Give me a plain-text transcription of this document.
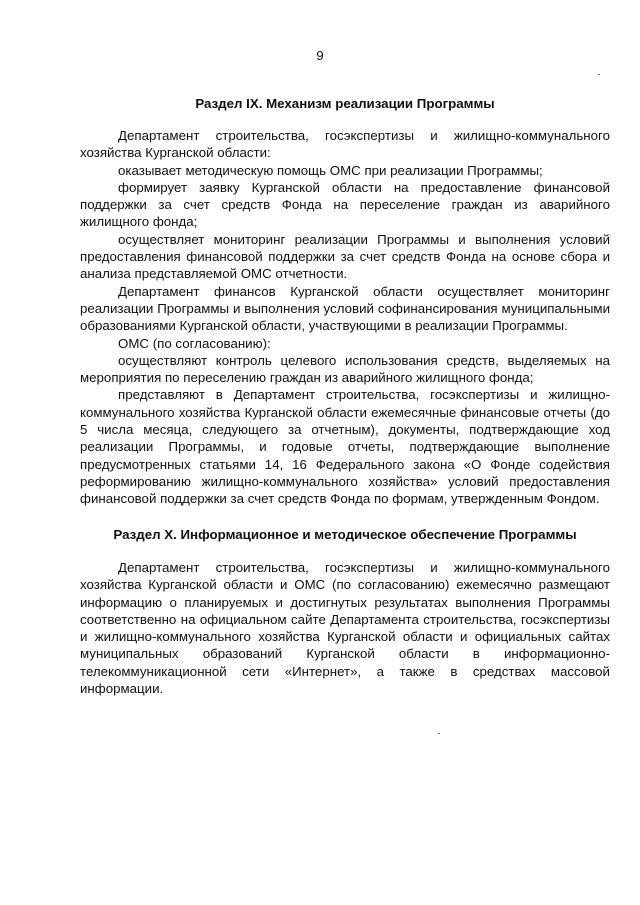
9
Раздел IX. Механизм реализации Программы

Департамент строительства, госэкспертизы и жилищно-коммунального хозяйства Курганской области:

оказывает методическую помощь ОМС при реализации Программы;

формирует заявку Курганской области на предоставление финансовой поддержки за счет средств Фонда на переселение граждан из аварийного жилищного фонда;

осуществляет мониторинг реализации Программы и выполнения условий предоставления финансовой поддержки за счет средств Фонда на основе сбора и анализа представляемой ОМС отчетности.

Департамент финансов Курганской области осуществляет мониторинг реализации Программы и выполнения условий софинансирования муниципальными образованиями Курганской области, участвующими в реализации Программы.

ОМС (по согласованию):

осуществляют контроль целевого использования средств, выделяемых на мероприятия по переселению граждан из аварийного жилищного фонда;

представляют в Департамент строительства, госэкспертизы и жилищно-коммунального хозяйства Курганской области ежемесячные финансовые отчеты (до 5 числа месяца, следующего за отчетным), документы, подтверждающие ход реализации Программы, и годовые отчеты, подтверждающие выполнение предусмотренных статьями 14, 16 Федерального закона «О Фонде содействия реформированию жилищно-коммунального хозяйства» условий предоставления финансовой поддержки за счет средств Фонда по формам, утвержденным Фондом.

Раздел X. Информационное и методическое обеспечение Программы

Департамент строительства, госэкспертизы и жилищно-коммунального хозяйства Курганской области и ОМС (по согласованию) ежемесячно размещают информацию о планируемых и достигнутых результатах выполнения Программы соответственно на официальном сайте Департамента строительства, госэкспертизы и жилищно-коммунального хозяйства Курганской области и официальных сайтах муниципальных образований Курганской области в информационно-телекоммуникационной сети «Интернет», а также в средствах массовой информации.
